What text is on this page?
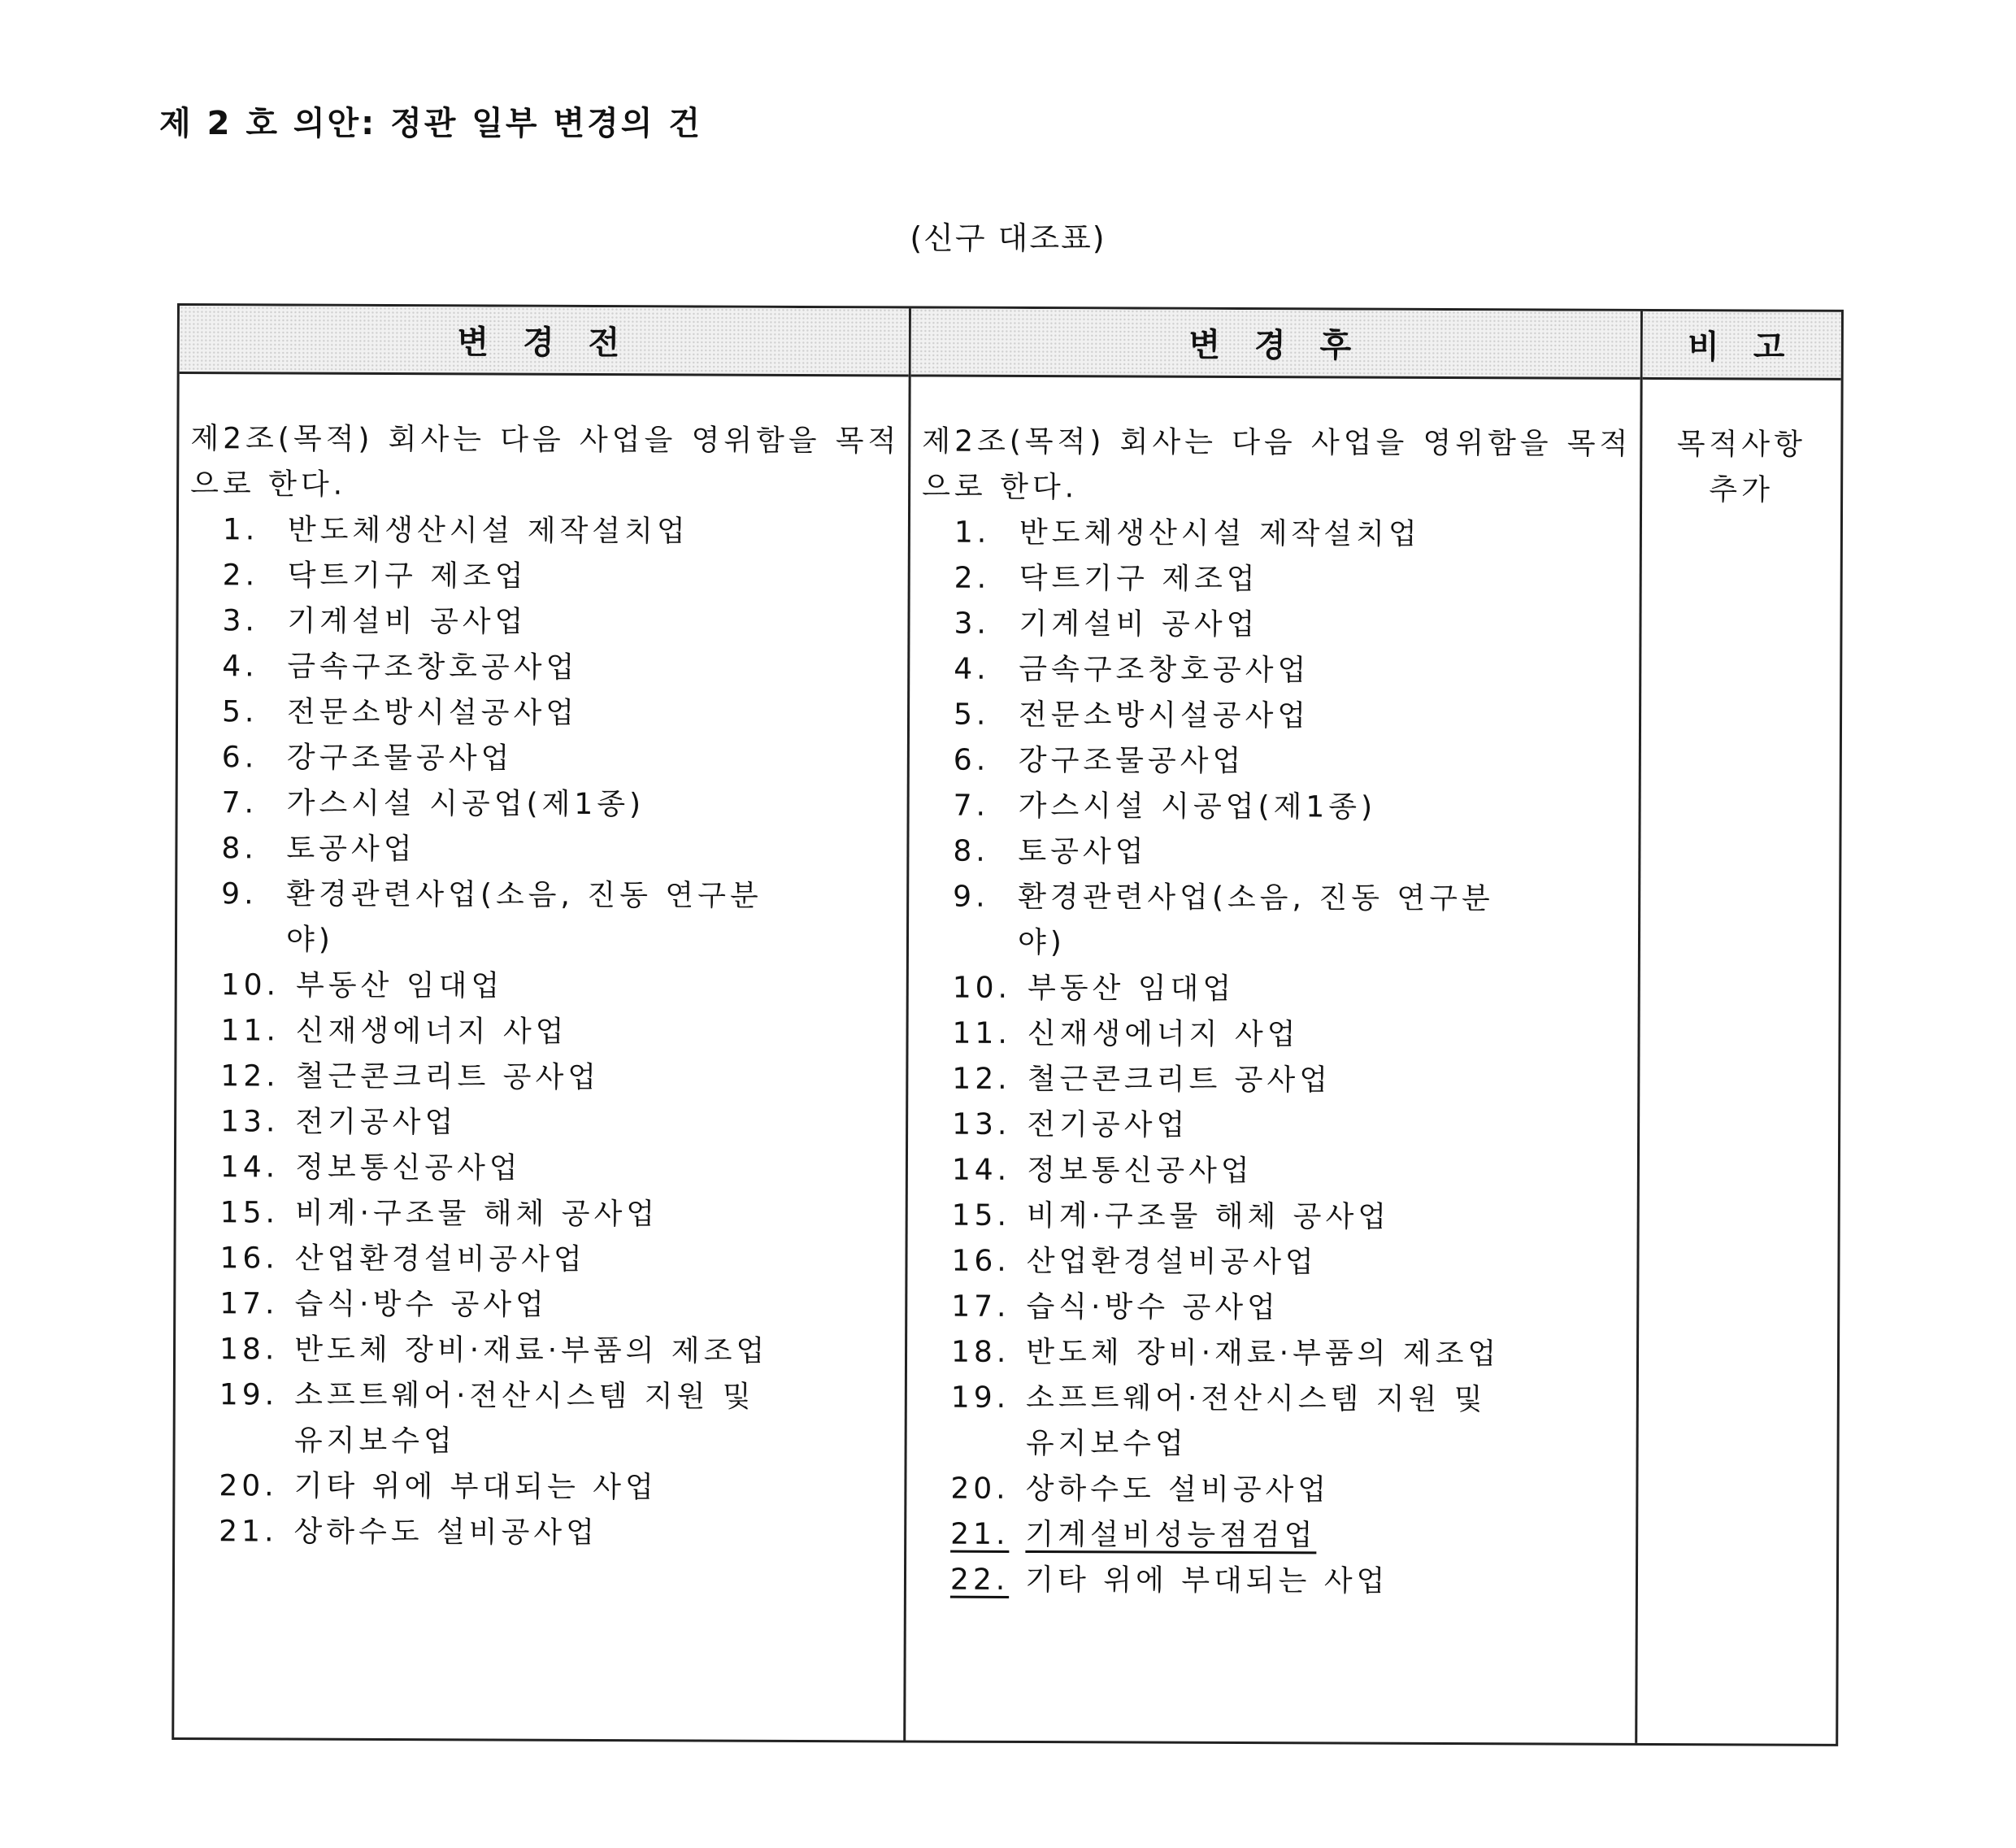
제 2 호 의안: 정관 일부 변경의 건
(신구 대조표)
변 경 전
제2조(목적) 회사는 다음 사업을 영위함을 목적으로 한다.
1. 반도체생산시설 제작설치업
2. 닥트기구 제조업
3. 기계설비 공사업
4. 금속구조창호공사업
5. 전문소방시설공사업
6. 강구조물공사업
7. 가스시설 시공업(제1종)
8. 토공사업
9. 환경관련사업(소음, 진동 연구분야)
10. 부동산 임대업
11. 신재생에너지 사업
12. 철근콘크리트 공사업
13. 전기공사업
14. 정보통신공사업
15. 비계·구조물 해체 공사업
16. 산업환경설비공사업
17. 습식·방수 공사업
18. 반도체 장비·재료·부품의 제조업
19. 소프트웨어·전산시스템 지원 및 유지보수업
20. 기타 위에 부대되는 사업
21. 상하수도 설비공사업
변 경 후
제2조(목적) 회사는 다음 사업을 영위함을 목적으로 한다.
1. 반도체생산시설 제작설치업
2. 닥트기구 제조업
3. 기계설비 공사업
4. 금속구조창호공사업
5. 전문소방시설공사업
6. 강구조물공사업
7. 가스시설 시공업(제1종)
8. 토공사업
9. 환경관련사업(소음, 진동 연구분야)
10. 부동산 임대업
11. 신재생에너지 사업
12. 철근콘크리트 공사업
13. 전기공사업
14. 정보통신공사업
15. 비계·구조물 해체 공사업
16. 산업환경설비공사업
17. 습식·방수 공사업
18. 반도체 장비·재료·부품의 제조업
19. 소프트웨어·전산시스템 지원 및 유지보수업
20. 상하수도 설비공사업
21. 기계설비성능점검업
22. 기타 위에 부대되는 사업
비 고
목적사항
추가
